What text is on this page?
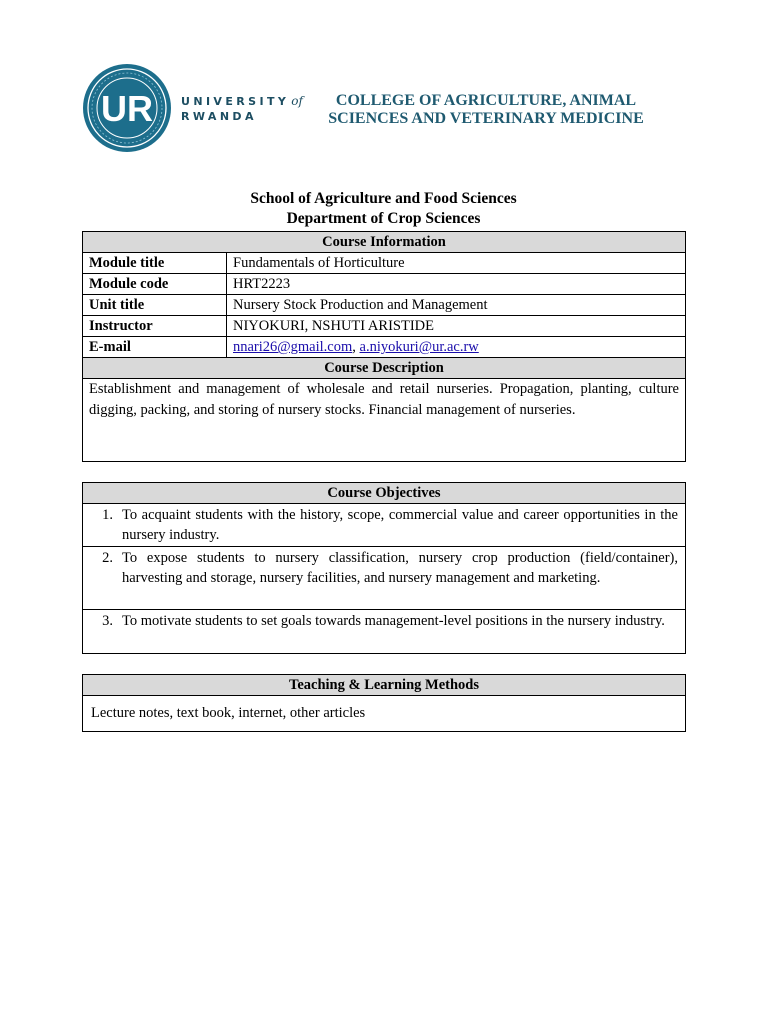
UR	UNIVERSITY of
RWANDA
COLLEGE OF AGRICULTURE, ANIMAL
SCIENCES AND VETERINARY MEDICINE
School of Agriculture and Food Sciences
Department of Crop Sciences
Course Information	
Module title	Fundamentals of Horticulture
Module code	HRT2223
Unit title	Nursery Stock Production and Management
Instructor	NIYOKURI, NSHUTI ARISTIDE
E-mail	nnari26@gmail.com, a.niyokuri@ur.ac.rw
Course Description	
Establishment and management of wholesale and retail nurseries. Propagation, planting, culture digging, packing, and storing of nursery stocks. Financial management of nurseries.	
Course Objectives

1. To acquaint students with the history, scope, commercial value and career opportunities in the nursery industry.

2. To expose students to nursery classification, nursery crop production (field/container), harvesting and storage, nursery facilities, and nursery management and marketing.

3. To motivate students to set goals towards management-level positions in the nursery industry.
Teaching & Learning Methods
Lecture notes, text book, internet, other articles
